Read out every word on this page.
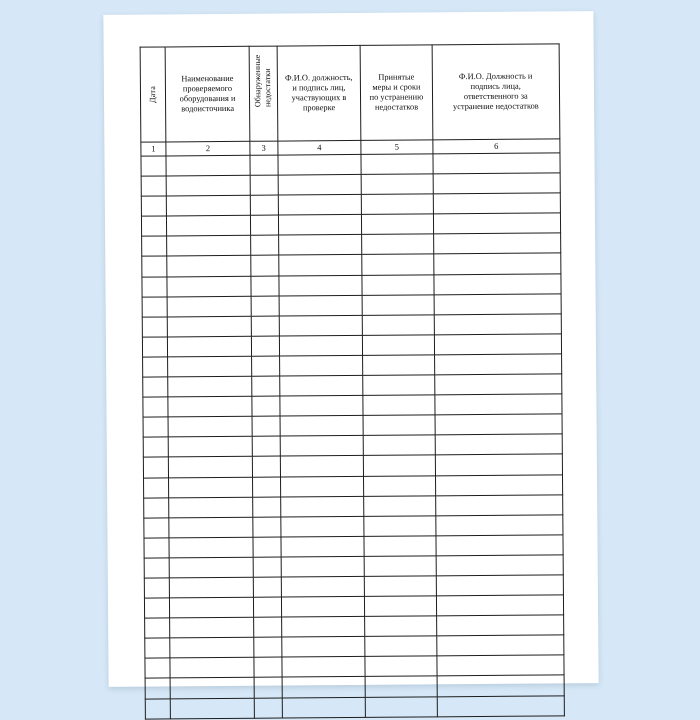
Дата	Наименование
проверяемого
оборудования и
водоисточника	Обнаруженные
недостатки	Ф.И.О. должность,
и подпись лиц,
участвующих в
проверке	Принятые
меры и сроки
по устранению
недостатков	Ф.И.О. Должность и
подпись лица,
ответственного за
устранение недостатков

1	2	3	4	5	6
